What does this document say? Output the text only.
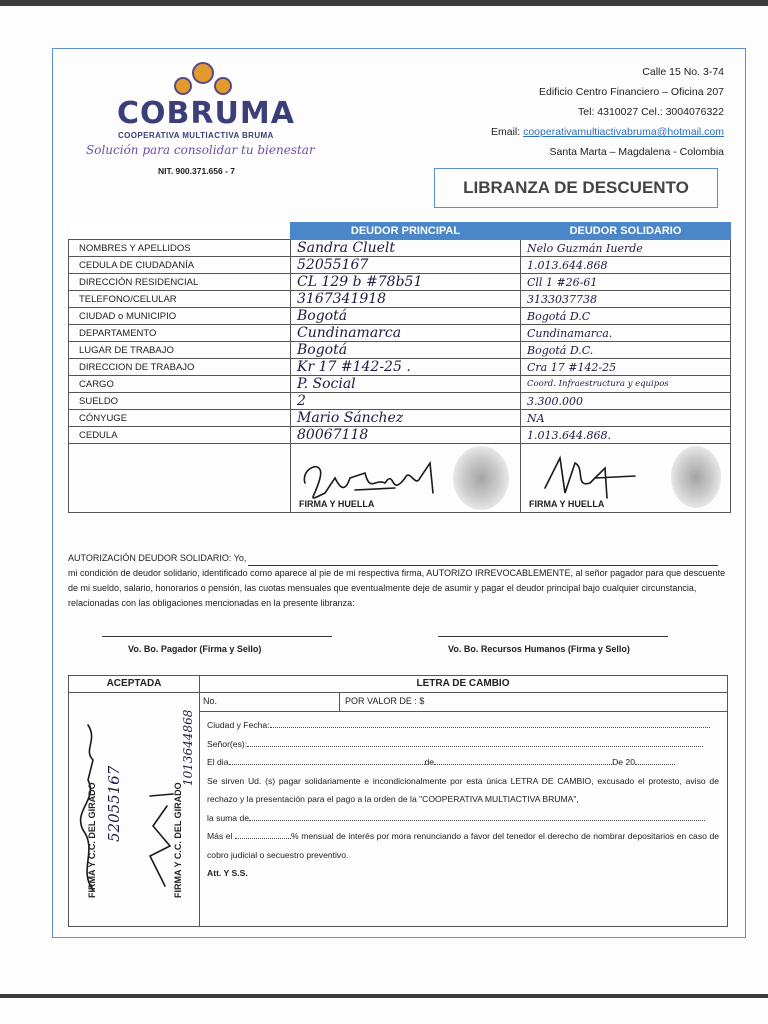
COBRUMA
COOPERATIVA MULTIACTIVA BRUMA
Solución para consolidar tu bienestar
NIT. 900.371.656 - 7
Calle 15 No. 3-74
Edificio Centro Financiero – Oficina 207
Tel: 4310027 Cel.: 3004076322
Email: cooperativamultiactivabruma@hotmail.com
Santa Marta – Magdalena - Colombia
LIBRANZA DE DESCUENTO
	DEUDOR PRINCIPAL	DEUDOR SOLIDARIO
NOMBRES Y APELLIDOS	Sandra Cluelt	Nelo Guzmán Iuerde
CEDULA DE CIUDADANÍA	52055167	1.013.644.868
DIRECCIÓN RESIDENCIAL	CL 129 b #78b51	Cll 1 #26-61
TELEFONO/CELULAR	3167341918	3133037738
CIUDAD o MUNICIPIO	Bogotá	Bogotá D.C
DEPARTAMENTO	Cundinamarca	Cundinamarca.
LUGAR DE TRABAJO	Bogotá	Bogotá D.C.
DIRECCION DE TRABAJO	Kr 17 #142-25 .	Cra 17 #142-25
CARGO	P. Social	Coord. Infraestructura y equipos
SUELDO	2	3.300.000
CÓNYUGE	Mario Sánchez	NA
CEDULA	80067118	1.013.644.868.

	FIRMA Y HUELLA	FIRMA Y HUELLA
AUTORIZACIÓN DEUDOR SOLIDARIO: Yo,
mi condición de deudor solidario, identificado como aparece al pie de mi respectiva firma, AUTORIZO IRREVOCABLEMENTE, al señor pagador para que descuente de mi sueldo, salario, honorarios o pensión, las cuotas mensuales que eventualmente deje de asumir y pagar el deudor principal bajo cualquier circunstancia, relacionadas con las obligaciones mencionadas en la presente libranza:
Vo. Bo. Pagador (Firma y Sello)	Vo. Bo. Recursos Humanos (Firma y Sello)
ACEPTADA
FIRMA Y C.C. DEL GIRADO 52055167	FIRMA Y C.C. DEL GIRADO
1013644868
LETRA DE CAMBIO
No.	POR VALOR DE : $
Ciudad y Fecha:
Señor(es):
El dia	de	De 20
Se sirven Ud. (s) pagar solidariamente e incondicionalmente por esta única LETRA DE CAMBIO, excusado el protesto, aviso de rechazo y la presentación para el pago a la orden de la "COOPERATIVA MULTIACTIVA BRUMA",
la suma de
Más el	% mensual de interés por mora renunciando a favor del tenedor el derecho de nombrar depositarios en caso de cobro judicial o secuestro preventivo.
Att. Y S.S.
